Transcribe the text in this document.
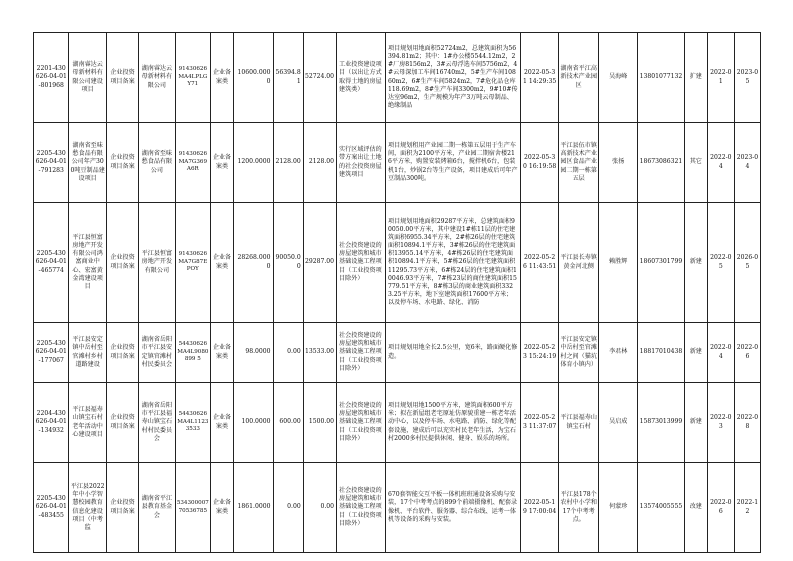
2201-430626-04-01-801968	湖南睿达云母新材料有限公司建设项目	企业投资项目备案	湖南睿达云母新材料有限公司	91430626MA4LPLGY71	企业备案类	10600.0000	56394.81	52724.00	工业投资建设项目（以出让方式取得土地的房屋建筑类）	项目规划用地面积52724m2，总建筑面积为56394.81m2；其中：1#办公楼5544.12m2，2#厂房8156m2，3#云母浮选车间5756m2，4#云母深加工车间16740m2，5#生产车间10860m2，6#生产车间5824m2，7#危化品仓库118.69m2，8#生产车间3300m2，9#10#传达室96m2，生产规模为年产3万吨云母制品、绝缘制品	2022-05-31 14:29:35	湖南省平江高新技术产业园区	吴海峰	13801077132	扩建	2022-01	2023-05
2205-430626-04-01-791283	湖南省至味愁食品有限公司年产300吨豆制品建设项目	企业投资项目备案	湖南省至味愁食品有限公司	91430626MA7G369A6R	企业备案类	1200.0000	2128.00	2128.00	实行区域评估的带方案出让土地的社会投资房屋建筑项目	项目规划租用产业园二期一栋第五层用于生产车间，面积为2100平方米，产业园二期宿舍楼216平方米，购置安装烤箱6台，搅拌机6台，包装机1台，炒锅2台等生产设备，项目建成后可年产豆制品300吨。	2022-05-30 16:19:58	平江县伍市镇高新技术产业园区食品产业园二期一栋第五层	张扬	18673086321	其它	2022-04	2023-04
2205-430626-04-01-465774	平江县恒富房地产开发有限公司鸿富商业中心、宏富黄金湾建设项目	企业投资项目备案	平江县恒富房地产开发有限公司	91430626MA7G87EPOY	企业备案类	28268.0000	90050.00	29287.00	社会投资建设的房屋建筑和城市基础设施工程项目（工业投资项目除外）	项目规划用地面积29287平方米，总建筑面积90050.00平方米，其中建设1#栋11层的住宅建筑面积6955.34平方米，2#栋26层的住宅建筑面积10894.1平方米，3#栋26层的住宅建筑面积13955.14平方米，4#栋26层的住宅建筑面积10894.1平方米，5#栋26层的住宅建筑面积11295.73平方米，6#栋24层的住宅建筑面积10046.93平方米，7#栋23层的商住建筑面积15779.51平方米，8#栋3层的商业建筑面积3323.25平方米，地下室建筑面积17600平方米；以及停车场、水电路、绿化、消防	2022-05-26 11:43:51	平江县长寿镇黄金河北侧	赖胜辉	18607301799	新建	2022-05	2026-05
2205-430626-04-01-177067	平江县安定镇中岳村至官滩村乡村道路建设	企业投资项目备案	湖南省岳阳市平江县安定镇官滩村村民委员会	54430626MA4L9080899 5	企业备案类	98.0000	0.00	13533.00	社会投资建设的房屋建筑和城市基础设施工程项目（工业投资项目除外）	项目规划用地全长2.5公里，宽6米，路面硬化修造。	2022-05-23 15:24:19	平江县安定镇中岳村至官滩村之间（猫坑体育小镇内）	李君林	18817010438	新建	2022-04	2022-06
2204-430626-04-01-134932	平江县福寿山镇宝石村老年活动中心建设项目	企业投资项目备案	湖南省岳阳市平江县福寿山镇宝石村村民委员会	54430626MA4L11233533	企业备案类	100.0000	600.00	1500.00	社会投资建设的房屋建筑和城市基础设施工程项目（工业投资项目除外）	项目规划用地1500平方米，建筑面积600平方米；拟在新屋组老宅原址仿原貌重建一栋老年活动中心，以及停车场、水电路、消防、绿化等配套设施，建成后可以充实村民老年生活，为宝石村2000多村民提供休闲、健身、娱乐的场所。	2022-05-23 11:37:07	平江县福寿山镇宝石村	吴启成	15873013999	新建	2022-03	2022-08
2205-430626-04-01-483455	平江县2022年中小学智慧校园教育信息化建设项目（中考监	企业投资项目备案	湖南省平江县教育基金会	534300007 70536785	企业备案类	1861.0000	0.00	0.00	社会投资建设的房屋建筑和城市基础设施工程项目（工业投资项目除外）	670套智能交互平板一体机班班通设备采购与安装，17个中考考点的899个前端摄像机、配套录像机、平台软件、服务器、综合布线、运考一体机等设备的采购与安装。	2022-05-19 17:00:04	平江县178个农村中小学和17个中考考点。	何蒙珍	13574005555	改建	2022-06	2022-12
